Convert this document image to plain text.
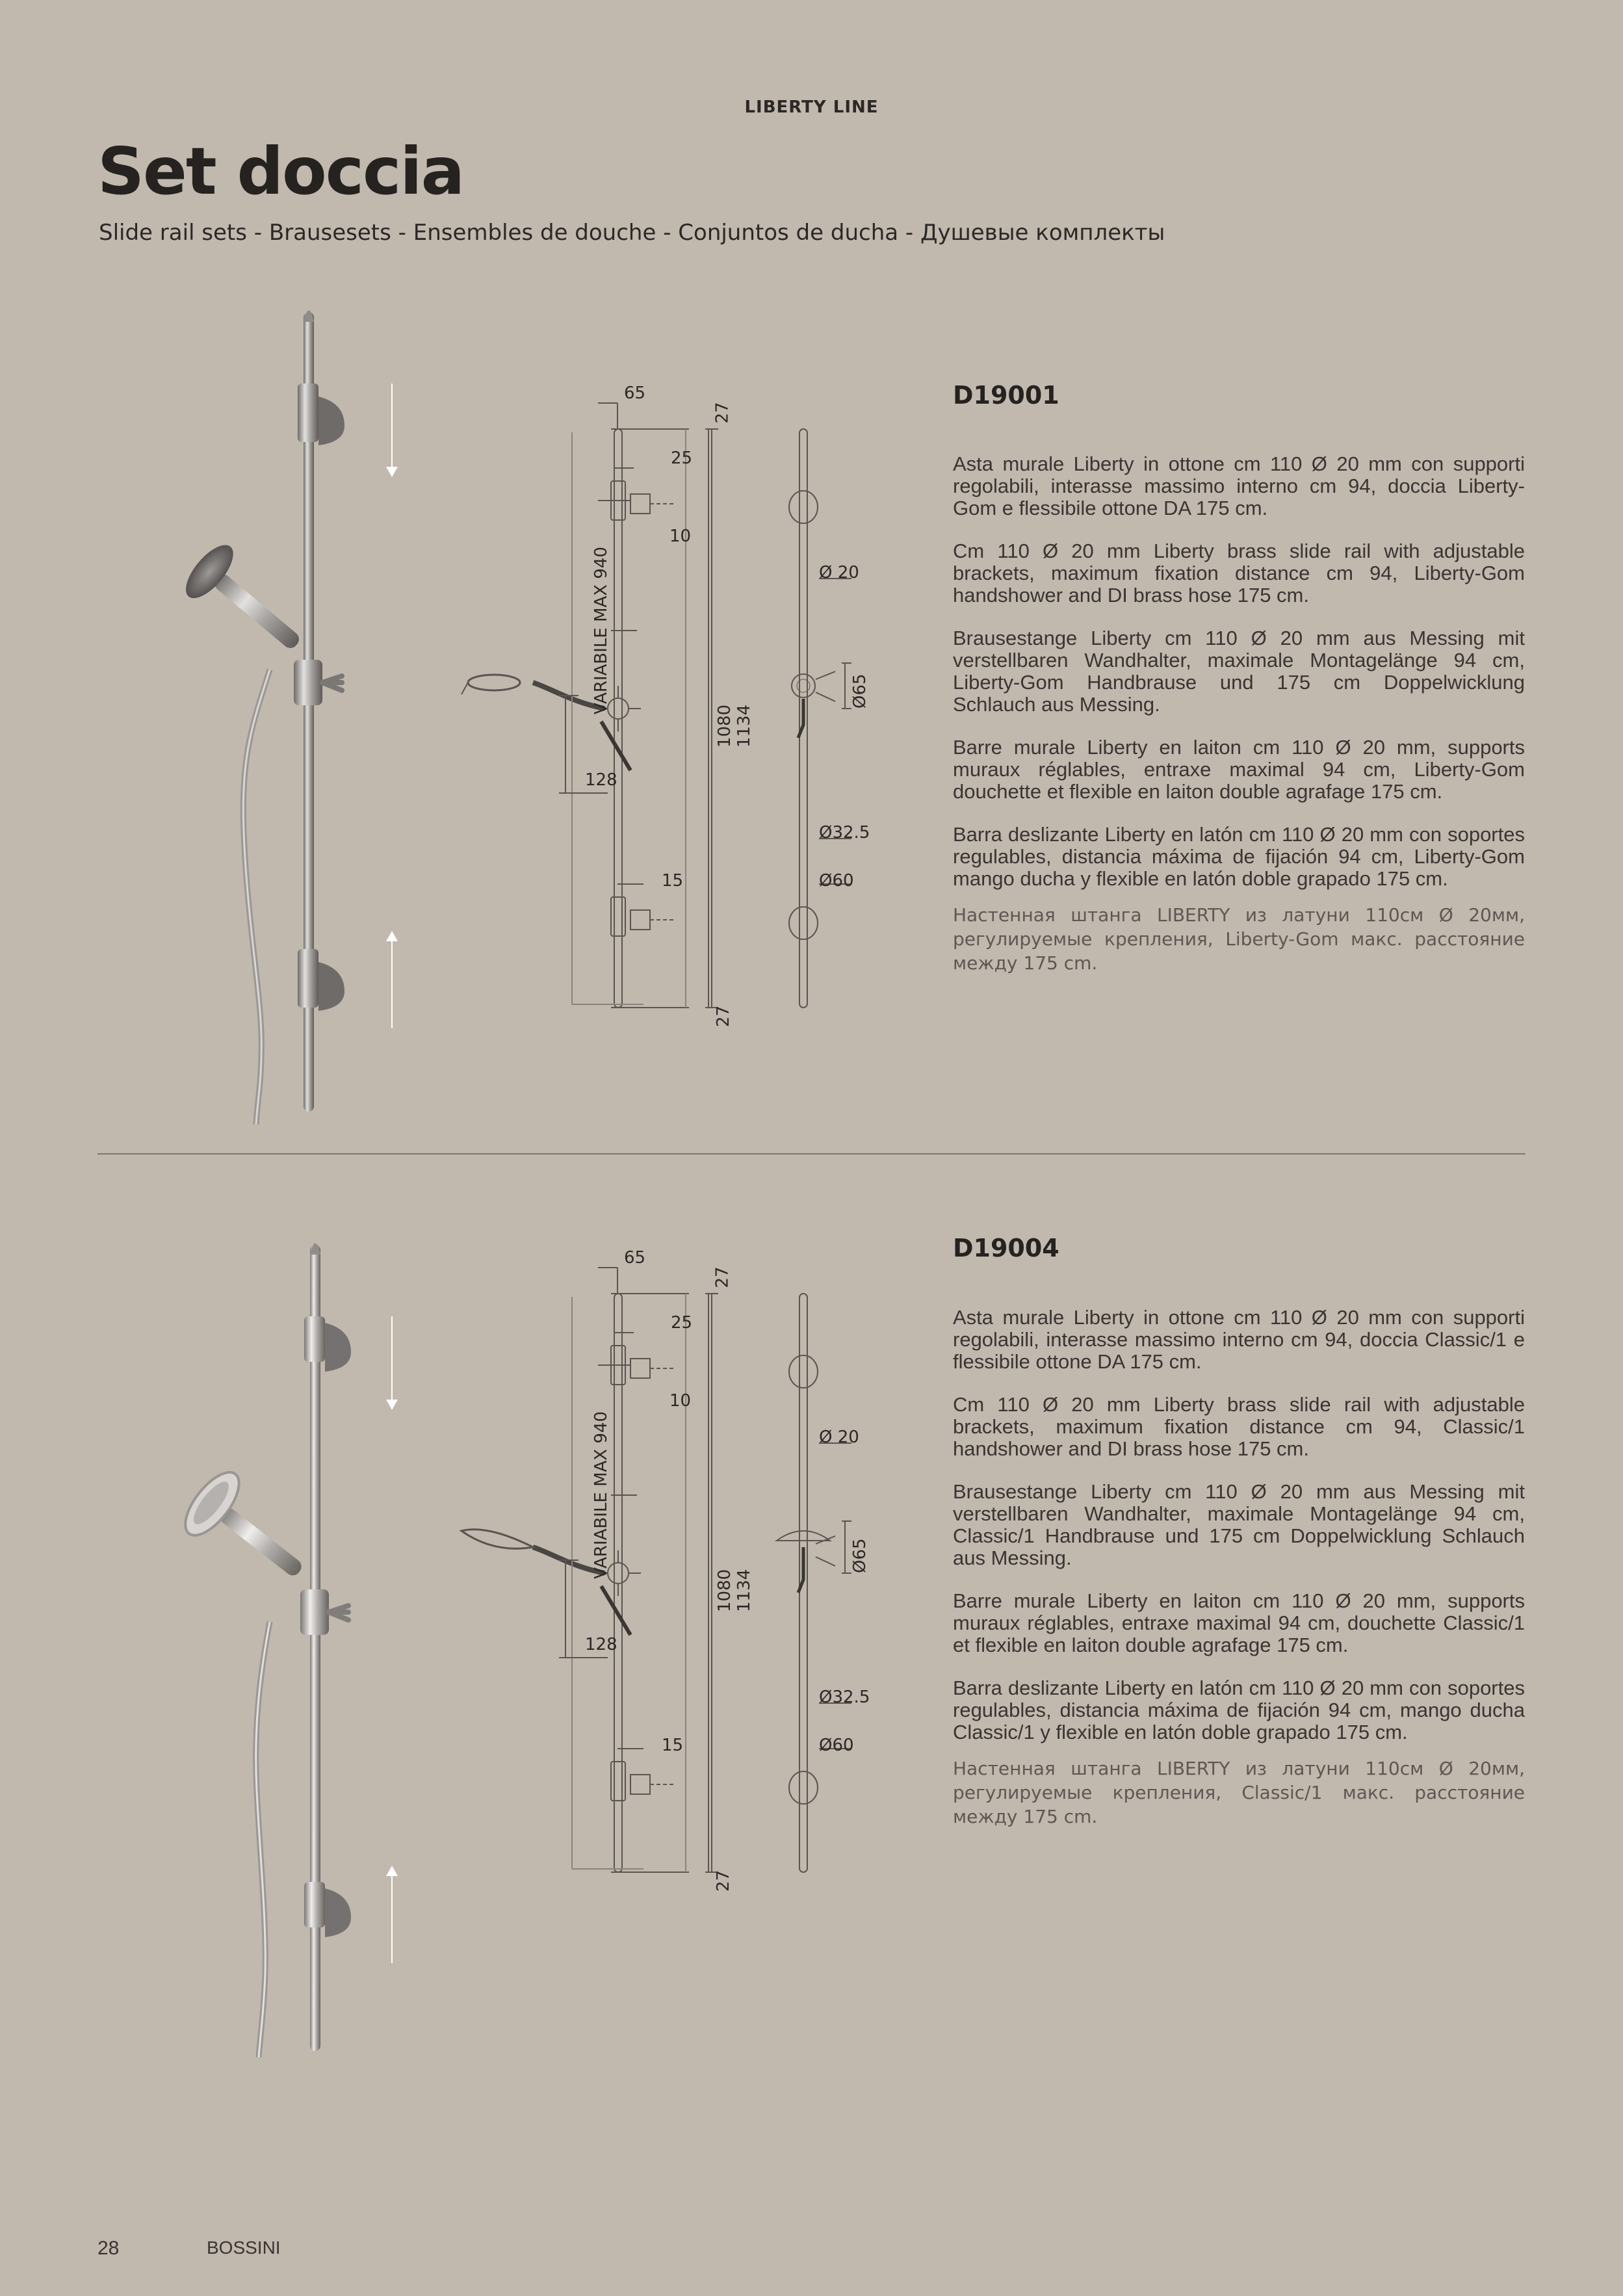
LIBERTY LINE
Set doccia
Slide rail sets - Brausesets - Ensembles de douche - Conjuntos de ducha - Душевые комплекты
65
27
25
10
128
15
VARIABILE MAX 940
1080 1134
27
Ø 20
Ø65
Ø32.5
Ø60
D19001

Asta murale Liberty in ottone cm 110 Ø 20 mm con supporti regolabili, interasse massimo interno cm 94, doccia Liberty-Gom e flessibile ottone DA 175 cm.

Cm 110 Ø 20 mm Liberty brass slide rail with adjustable brackets, maximum fixation distance cm 94, Liberty-Gom handshower and DI brass hose 175 cm.

Brausestange Liberty cm 110 Ø 20 mm aus Messing mit verstellbaren Wandhalter, maximale Montagelänge 94 cm, Liberty-Gom Handbrause und 175 cm Doppelwicklung Schlauch aus Messing.

Barre murale Liberty en laiton cm 110 Ø 20 mm, supports muraux réglables, entraxe maximal 94 cm, Liberty-Gom douchette et flexible en laiton double agrafage 175 cm.

Barra deslizante Liberty en latón cm 110 Ø 20 mm con soportes regulables, distancia máxima de fijación 94 cm, Liberty-Gom mango ducha y flexible en latón doble grapado 175 cm.

Настенная штанга LIBERTY из латуни 110см Ø 20мм, регулируемые крепления, Liberty-Gom макс. расстояние между 175 cm.

65
27
25
10
128
15
VARIABILE MAX 940
1080 1134
27
Ø 20
Ø65
Ø32.5
Ø60
D19004

Asta murale Liberty in ottone cm 110 Ø 20 mm con supporti regolabili, interasse massimo interno cm 94, doccia Classic/1 e flessibile ottone DA 175 cm.

Cm 110 Ø 20 mm Liberty brass slide rail with adjustable brackets, maximum fixation distance cm 94, Classic/1 handshower and DI brass hose 175 cm.

Brausestange Liberty cm 110 Ø 20 mm aus Messing mit verstellbaren Wandhalter, maximale Montagelänge 94 cm, Classic/1 Handbrause und 175 cm Doppelwicklung Schlauch aus Messing.

Barre murale Liberty en laiton cm 110 Ø 20 mm, supports muraux réglables, entraxe maximal 94 cm, douchette Classic/1 et flexible en laiton double agrafage 175 cm.

Barra deslizante Liberty en latón cm 110 Ø 20 mm con soportes regulables, distancia máxima de fijación 94 cm, mango ducha Classic/1 y flexible en latón doble grapado 175 cm.

Настенная штанга LIBERTY из латуни 110см Ø 20мм, регулируемые крепления, Classic/1 макс. расстояние между 175 cm.

28	BOSSINI
